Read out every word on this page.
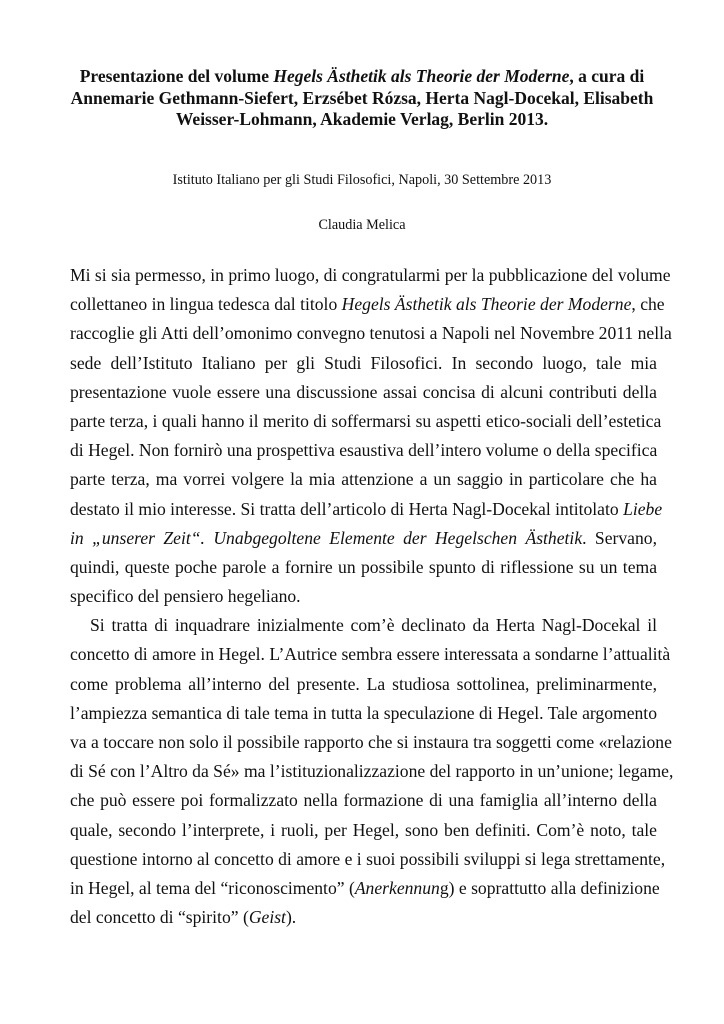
Presentazione del volume Hegels Ästhetik als Theorie der Moderne, a cura di
Annemarie Gethmann-Siefert, Erzsébet Rózsa, Herta Nagl-Docekal, Elisabeth
Weisser-Lohmann, Akademie Verlag, Berlin 2013.
Istituto Italiano per gli Studi Filosofici, Napoli, 30 Settembre 2013
Claudia Melica
Mi si sia permesso, in primo luogo, di congratularmi per la pubblicazione del volume
collettaneo in lingua tedesca dal titolo Hegels Ästhetik als Theorie der Moderne, che
raccoglie gli Atti dell’omonimo convegno tenutosi a Napoli nel Novembre 2011 nella
sede dell’Istituto Italiano per gli Studi Filosofici. In secondo luogo, tale mia
presentazione vuole essere una discussione assai concisa di alcuni contributi della
parte terza, i quali hanno il merito di soffermarsi su aspetti etico-sociali dell’estetica
di Hegel. Non fornirò una prospettiva esaustiva dell’intero volume o della specifica
parte terza, ma vorrei volgere la mia attenzione a un saggio in particolare che ha
destato il mio interesse. Si tratta dell’articolo di Herta Nagl-Docekal intitolato Liebe
in „unserer Zeit“. Unabgegoltene Elemente der Hegelschen Ästhetik. Servano,
quindi, queste poche parole a fornire un possibile spunto di riflessione su un tema
specifico del pensiero hegeliano.
Si tratta di inquadrare inizialmente com’è declinato da Herta Nagl-Docekal il
concetto di amore in Hegel. L’Autrice sembra essere interessata a sondarne l’attualità
come problema all’interno del presente. La studiosa sottolinea, preliminarmente,
l’ampiezza semantica di tale tema in tutta la speculazione di Hegel. Tale argomento
va a toccare non solo il possibile rapporto che si instaura tra soggetti come «relazione
di Sé con l’Altro da Sé» ma l’istituzionalizzazione del rapporto in un’unione; legame,
che può essere poi formalizzato nella formazione di una famiglia all’interno della
quale, secondo l’interprete, i ruoli, per Hegel, sono ben definiti. Com’è noto, tale
questione intorno al concetto di amore e i suoi possibili sviluppi si lega strettamente,
in Hegel, al tema del “riconoscimento” (Anerkennung) e soprattutto alla definizione
del concetto di “spirito” (Geist).
